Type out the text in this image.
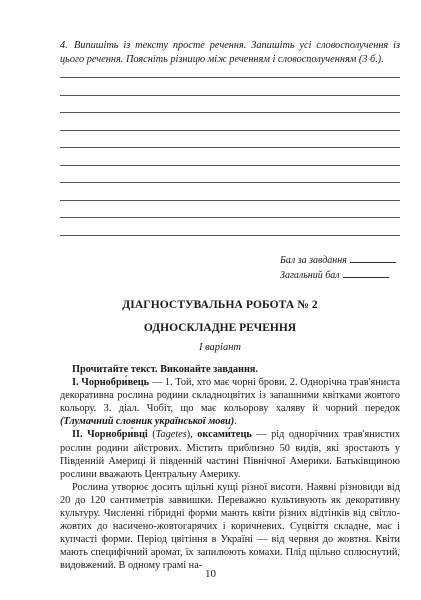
4. Випишіть із тексту просте речення. Запишіть усі словосполучення із цього речення. Поясніть різницю між реченням і словосполученням (3 б.).

Бал за завдання
Загальний бал
ДІАГНОСТУВАЛЬНА РОБОТА № 2
ОДНОСКЛАДНЕ РЕЧЕННЯ
I варіант

Прочитайте текст. Виконайте завдання.

I. Чорнобри́вець — 1. Той, хто має чорні брови. 2. Однорічна трав'яниста декоративна рослина родини складноцвітих із запашними квітками жовтого кольору. 3. діал. Чобіт, що має кольорову халяву й чорний передок (Тлумачний словник української мови).

II. Чорнобри́вці (Tagetes), оксами́тець — рід однорічних трав'янистих рослин родини айстрових. Містить приблизно 50 видів, які зростають у Південній Америці й південній частині Північної Америки. Батьківщиною рослини вважають Центральну Америку.

Рослина утворює досить щільні кущі різної висоти. Наявні різновиди від 20 до 120 сантиметрів заввишки. Переважно культивують як декоративну культуру. Численні гібридні форми мають квіти різних відтінків від світло-жовтих до насичено-жовтогарячих і коричневих. Суцвіття складне, має і купчасті форми. Період цвітіння в Україні — від червня до жовтня. Квіти мають специфічний аромат, їх запилюють комахи. Плід щільно сплюснутий, видовжений. В одному грамі на-

10
